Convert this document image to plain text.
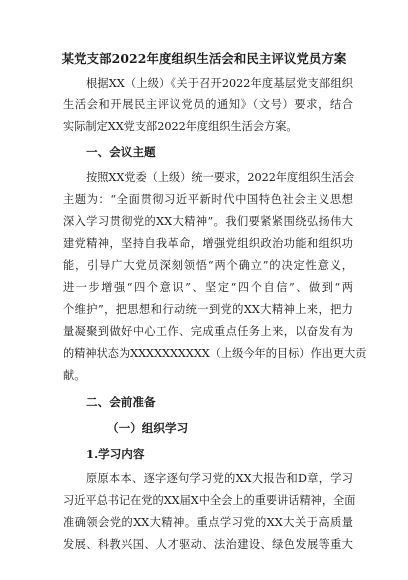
某党支部2022年度组织生活会和民主评议党员方案
根据XX（上级）《关于召开2022年度基层党支部组织
生活会和开展民主评议党员的通知》（文号）要求，结合
实际制定XX党支部2022年度组织生活会方案。
一、会议主题
按照XX党委（上级）统一要求，2022年度组织生活会
主题为：“全面贯彻习近平新时代中国特色社会主义思想
深入学习贯彻党的XX大精神”。我们要紧紧围绕弘扬伟大
建党精神，坚持自我革命，增强党组织政治功能和组织功
能，引导广大党员深刻领悟“两个确立”的决定性意义，
进一步增强“四个意识”、坚定“四个自信”、做到“两
个维护”，把思想和行动统一到党的XX大精神上来，把力
量凝聚到做好中心工作、完成重点任务上来，以奋发有为
的精神状态为XXXXXXXXXX（上级今年的目标）作出更大贡
献。
二、会前准备
（一）组织学习
1.学习内容
原原本本、逐字逐句学习党的XX大报告和D章，学习
习近平总书记在党的XX届X中全会上的重要讲话精神，全面
准确领会党的XX大精神。重点学习党的XX大关于高质量
发展、科教兴国、人才驱动、法治建设、绿色发展等重大
